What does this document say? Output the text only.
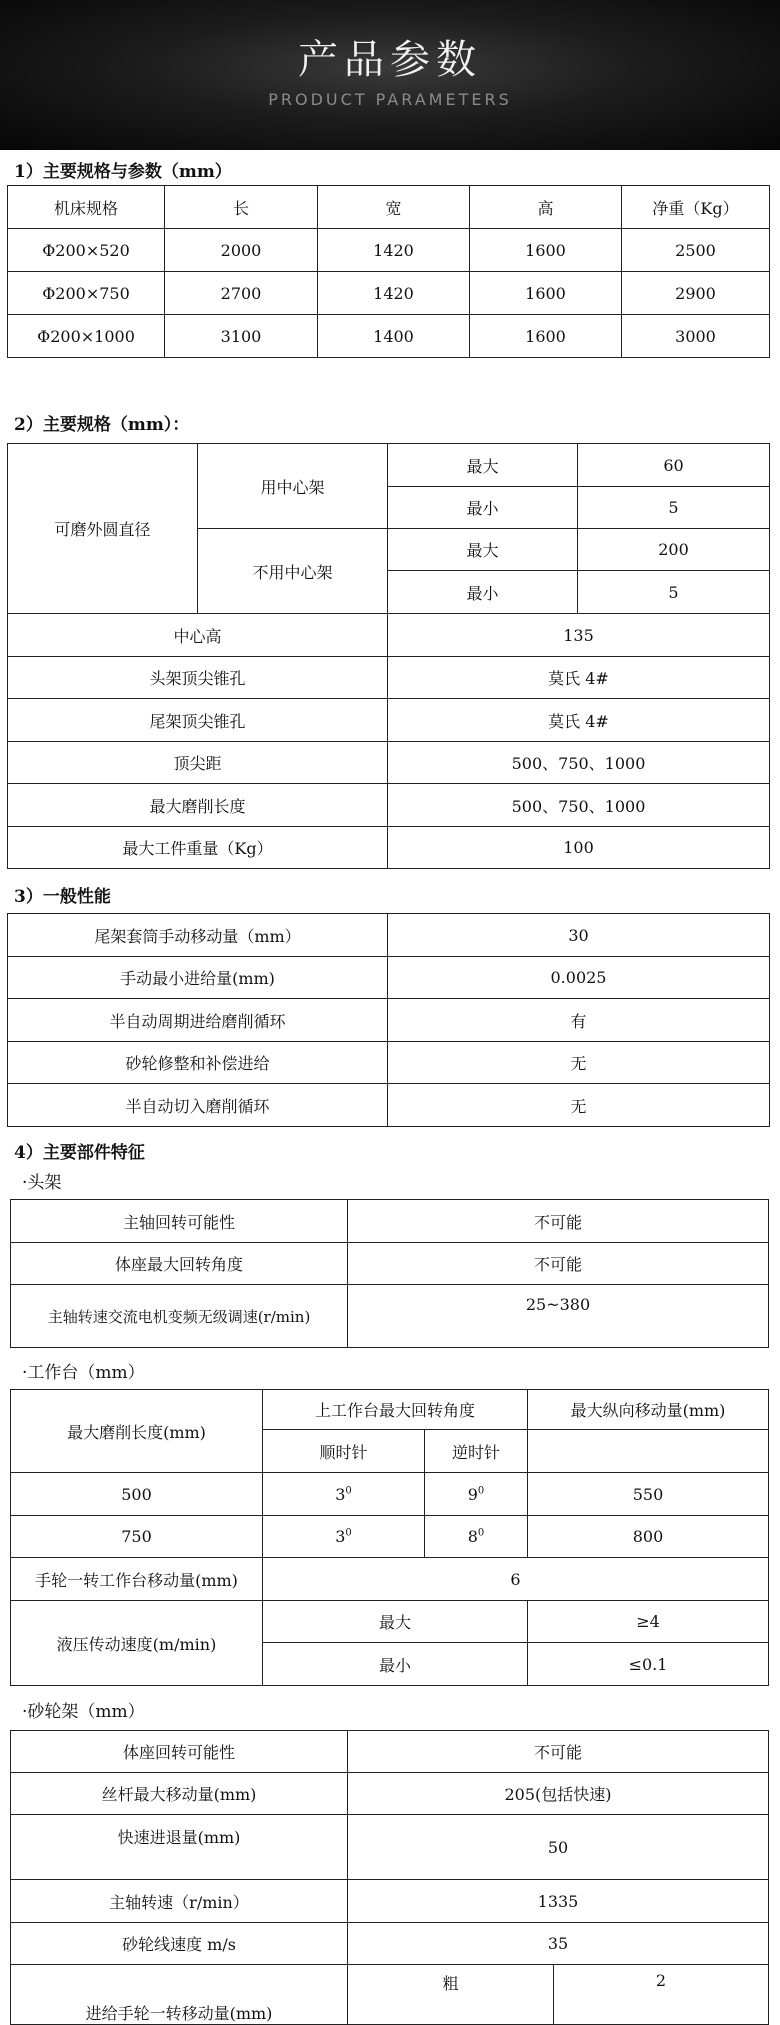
产品参数
PRODUCT PARAMETERS
1）主要规格与参数（mm）
机床规格	长	宽	高	净重（Kg）
Φ200×520	2000	1420	1600	2500
Φ200×750	2700	1420	1600	2900
Φ200×1000	3100	1400	1600	3000
2）主要规格（mm）：
可磨外圆直径	用中心架	最大	60
		最小	5
	不用中心架	最大	200
		最小	5
中心高		135	
头架顶尖锥孔		莫氏 4#	
尾架顶尖锥孔		莫氏 4#	
顶尖距		500、750、1000	
最大磨削长度		500、750、1000	
最大工件重量（Kg）		100	
3）一般性能
尾架套筒手动移动量（mm）	30
手动最小进给量(mm)	0.0025
半自动周期进给磨削循环	有
砂轮修整和补偿进给	无
半自动切入磨削循环	无
4）主要部件特征
·头架
主轴回转可能性	不可能
体座最大回转角度	不可能
主轴转速交流电机变频无级调速(r/min)	25~380
·工作台（mm）
最大磨削长度(mm)	上工作台最大回转角度		最大纵向移动量(mm)
	顺时针	逆时针	
500	$3^0$	$9^0$	550
750	$3^0$	$8^0$	800
手轮一转工作台移动量(mm)	6		
液压传动速度(m/min)	最大		≥4
	最小		≤0.1
·砂轮架（mm）
体座回转可能性	不可能	
丝杆最大移动量(mm)	205(包括快速)	
快速进退量(mm)	50	
主轴转速（r/min）	1335	
砂轮线速度 m/s	35	
进给手轮一转移动量(mm)	粗	2
